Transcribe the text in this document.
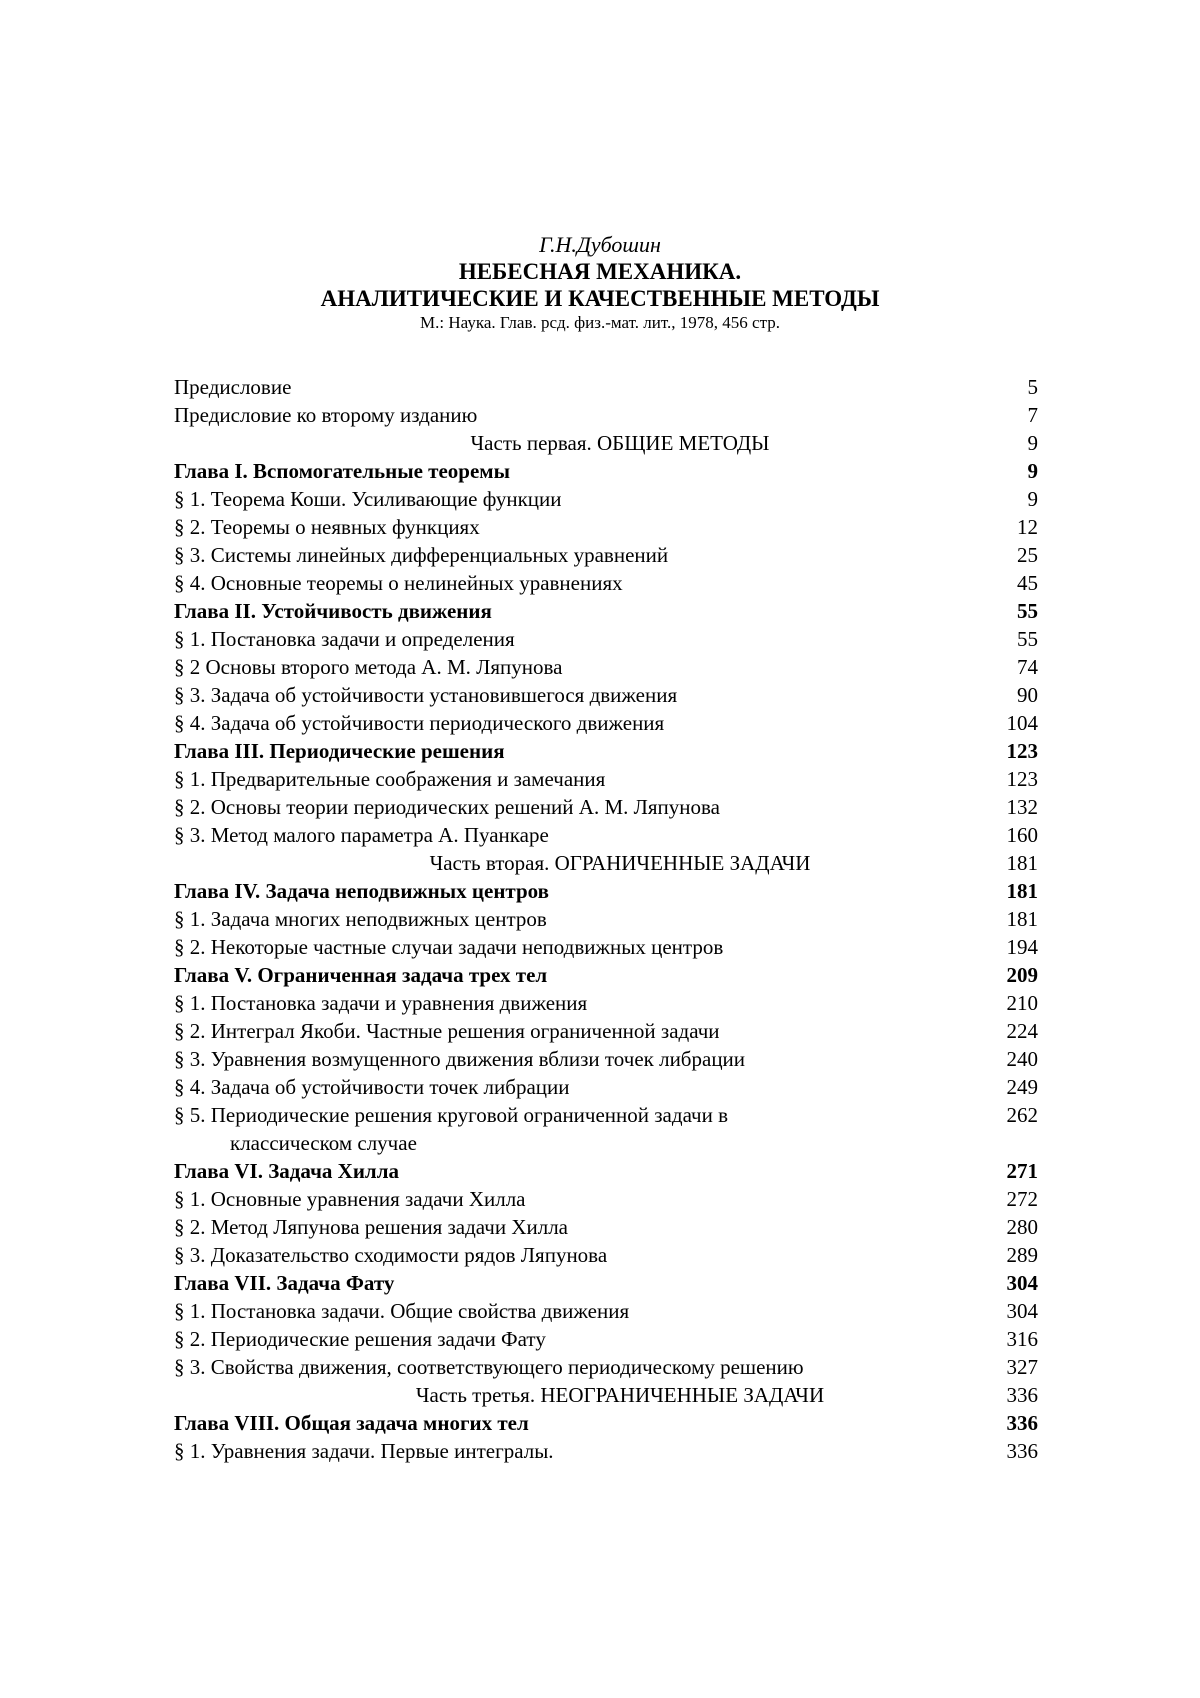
Г.Н.Дубошин
НЕБЕСНАЯ МЕХАНИКА.
АНАЛИТИЧЕСКИЕ И КАЧЕСТВЕННЫЕ МЕТОДЫ
М.: Наука. Глав. рсд. физ.-мат. лит., 1978, 456 стр.
Предисловие	5
Предисловие ко второму изданию	7
Часть первая. ОБЩИЕ МЕТОДЫ	9
Глава I. Вспомогательные теоремы	9
§ 1. Теорема Коши. Усиливающие функции	9
§ 2. Теоремы о неявных функциях	12
§ 3. Системы линейных дифференциальных уравнений	25
§ 4. Основные теоремы о нелинейных уравнениях	45
Глава II. Устойчивость движения	55
§ 1. Постановка задачи и определения	55
§ 2 Основы второго метода А. М. Ляпунова	74
§ 3. Задача об устойчивости установившегося движения	90
§ 4. Задача об устойчивости периодического движения	104
Глава III. Периодические решения	123
§ 1. Предварительные соображения и замечания	123
§ 2. Основы теории периодических решений А. М. Ляпунова	132
§ 3. Метод малого параметра А. Пуанкаре	160
Часть вторая. ОГРАНИЧЕННЫЕ ЗАДАЧИ	181
Глава IV. Задача неподвижных центров	181
§ 1. Задача многих неподвижных центров	181
§ 2. Некоторые частные случаи задачи неподвижных центров	194
Глава V. Ограниченная задача трех тел	209
§ 1. Постановка задачи и уравнения движения	210
§ 2. Интеграл Якоби. Частные решения ограниченной задачи	224
§ 3. Уравнения возмущенного движения вблизи точек либрации	240
§ 4. Задача об устойчивости точек либрации	249
§ 5. Периодические решения круговой ограниченной задачи в	262
классическом случае
Глава VI. Задача Хилла	271
§ 1. Основные уравнения задачи Хилла	272
§ 2. Метод Ляпунова решения задачи Хилла	280
§ 3. Доказательство сходимости рядов Ляпунова	289
Глава VII. Задача Фату	304
§ 1. Постановка задачи. Общие свойства движения	304
§ 2. Периодические решения задачи Фату	316
§ 3. Свойства движения, соответствующего периодическому решению	327
Часть третья. НЕОГРАНИЧЕННЫЕ ЗАДАЧИ	336
Глава VIII. Общая задача многих тел	336
§ 1. Уравнения задачи. Первые интегралы.	336
